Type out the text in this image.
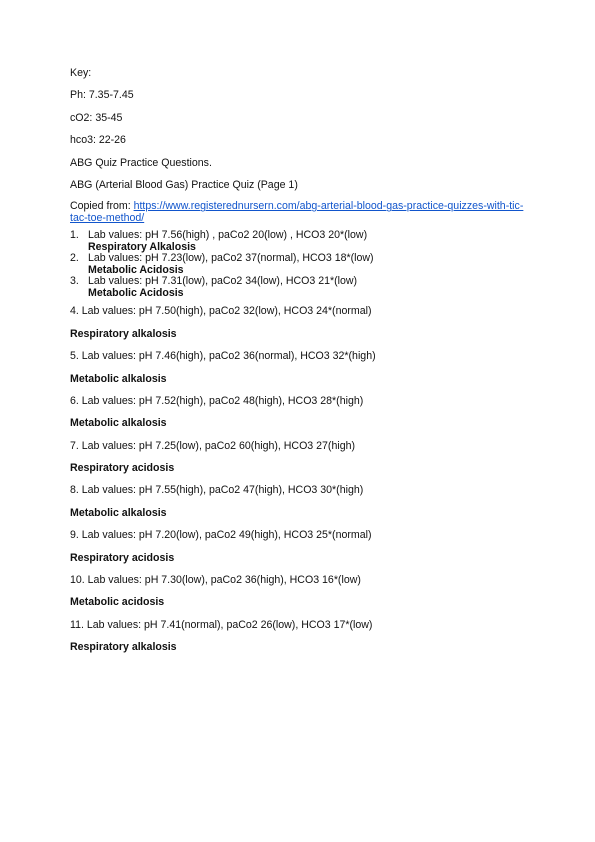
Key:

Ph: 7.35-7.45

cO2: 35-45

hco3: 22-26

ABG Quiz Practice Questions.

ABG (Arterial Blood Gas) Practice Quiz (Page 1)

Copied from: https://www.registerednursern.com/abg-arterial-blood-gas-practice-quizzes-with-tic-tac-toe-method/

1. Lab values: pH 7.56(high) , paCo2 20(low) , HCO3 20*(low)
Respiratory Alkalosis
2. Lab values: pH 7.23(low), paCo2 37(normal), HCO3 18*(low)
Metabolic Acidosis
3. Lab values: pH 7.31(low), paCo2 34(low), HCO3 21*(low)
Metabolic Acidosis

4. Lab values: pH 7.50(high), paCo2 32(low), HCO3 24*(normal)

Respiratory alkalosis

5. Lab values: pH 7.46(high), paCo2 36(normal), HCO3 32*(high)

Metabolic alkalosis

6. Lab values: pH 7.52(high), paCo2 48(high), HCO3 28*(high)

Metabolic alkalosis

7. Lab values: pH 7.25(low), paCo2 60(high), HCO3 27(high)

Respiratory acidosis

8. Lab values: pH 7.55(high), paCo2 47(high), HCO3 30*(high)

Metabolic alkalosis

9. Lab values: pH 7.20(low), paCo2 49(high), HCO3 25*(normal)

Respiratory acidosis

10. Lab values: pH 7.30(low), paCo2 36(high), HCO3 16*(low)

Metabolic acidosis

11. Lab values: pH 7.41(normal), paCo2 26(low), HCO3 17*(low)

Respiratory alkalosis
